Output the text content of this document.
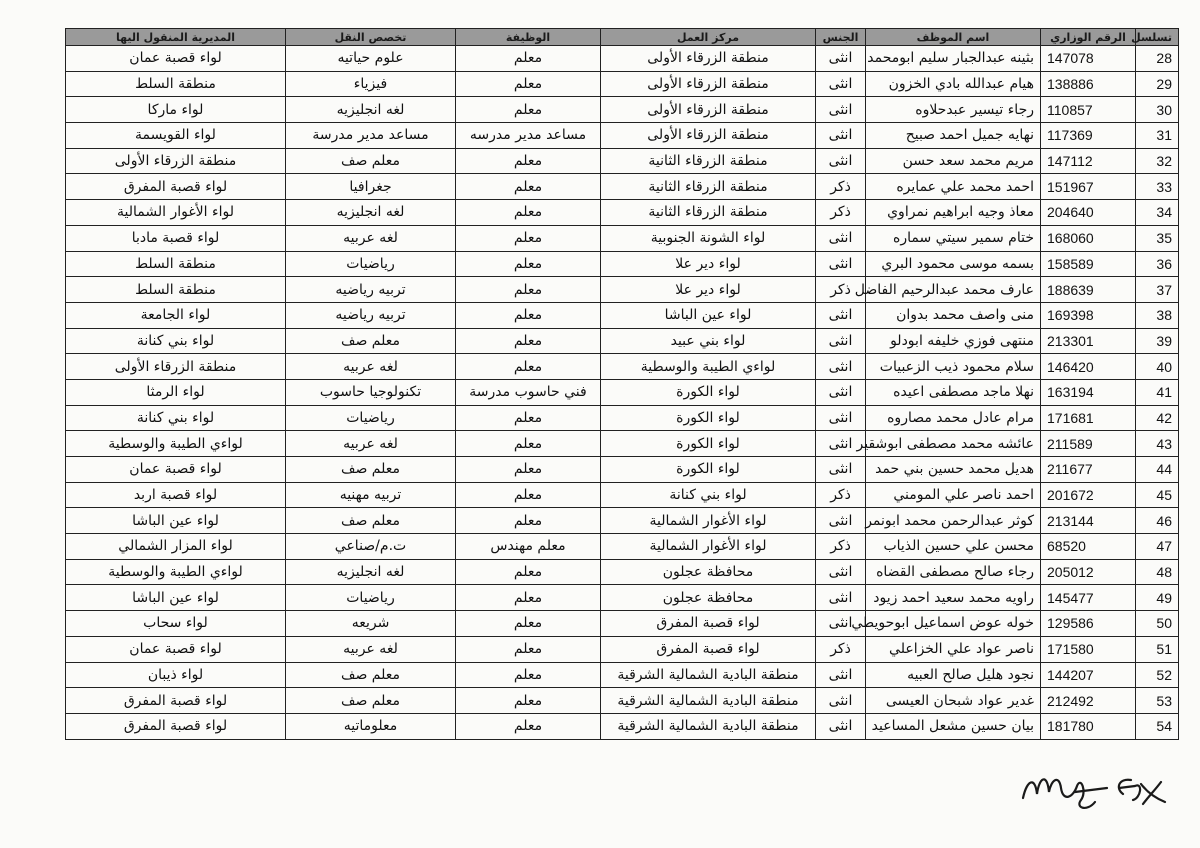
تسلسل	الرقم الوزاري	اسم الموظف	الجنس	مركز العمل	الوظيفة	تخصص النقل	المديرية المنقول اليها
28	147078	بثينه عبدالجبار سليم ابومحمد	انثى	منطقة الزرقاء الأولى	معلم	علوم حياتيه	لواء قصبة عمان
29	138886	هيام عبدالله بادي الخزون	انثى	منطقة الزرقاء الأولى	معلم	فيزياء	منطقة السلط
30	110857	رجاء تيسير عبدحلاوه	انثى	منطقة الزرقاء الأولى	معلم	لغه انجليزيه	لواء ماركا
31	117369	نهايه جميل احمد صبيح	انثى	منطقة الزرقاء الأولى	مساعد مدير مدرسه	مساعد مدير مدرسة	لواء القويسمة
32	147112	مريم محمد سعد حسن	انثى	منطقة الزرقاء الثانية	معلم	معلم صف	منطقة الزرقاء الأولى
33	151967	احمد محمد علي عمايره	ذكر	منطقة الزرقاء الثانية	معلم	جغرافيا	لواء قصبة المفرق
34	204640	معاذ وجيه ابراهيم نمراوي	ذكر	منطقة الزرقاء الثانية	معلم	لغه انجليزيه	لواء الأغوار الشمالية
35	168060	ختام سمير سيتي سماره	انثى	لواء الشونة الجنوبية	معلم	لغه عربيه	لواء قصبة مادبا
36	158589	بسمه موسى محمود البري	انثى	لواء دير علا	معلم	رياضيات	منطقة السلط
37	188639	عارف محمد عبدالرحيم الفاضل	ذكر	لواء دير علا	معلم	تربيه رياضيه	منطقة السلط
38	169398	منى واصف محمد بدوان	انثى	لواء عين الباشا	معلم	تربيه رياضيه	لواء الجامعة
39	213301	منتهى فوزي خليفه ابودلو	انثى	لواء بني عبيد	معلم	معلم صف	لواء بني كنانة
40	146420	سلام محمود ذيب الزعبيات	انثى	لواءي الطيبة والوسطية	معلم	لغه عربيه	منطقة الزرقاء الأولى
41	163194	نهلا ماجد مصطفى اعيده	انثى	لواء الكورة	فني حاسوب مدرسة	تكنولوجيا حاسوب	لواء الرمثا
42	171681	مرام عادل محمد مصاروه	انثى	لواء الكورة	معلم	رياضيات	لواء بني كنانة
43	211589	عائشه محمد مصطفى ابوشقير	انثى	لواء الكورة	معلم	لغه عربيه	لواءي الطيبة والوسطية
44	211677	هديل محمد حسين بني حمد	انثى	لواء الكورة	معلم	معلم صف	لواء قصبة عمان
45	201672	احمد ناصر علي المومني	ذكر	لواء بني كنانة	معلم	تربيه مهنيه	لواء قصبة اربد
46	213144	كوثر عبدالرحمن محمد ابونمر	انثى	لواء الأغوار الشمالية	معلم	معلم صف	لواء عين الباشا
47	68520	محسن علي حسين الذياب	ذكر	لواء الأغوار الشمالية	معلم مهندس	ت.م/صناعي	لواء المزار الشمالي
48	205012	رجاء صالح مصطفى القضاه	انثى	محافظة عجلون	معلم	لغه انجليزيه	لواءي الطيبة والوسطية
49	145477	راويه محمد سعيد احمد زيود	انثى	محافظة عجلون	معلم	رياضيات	لواء عين الباشا
50	129586	خوله عوض اسماعيل ابوحويطي	انثى	لواء قصبة المفرق	معلم	شريعه	لواء سحاب
51	171580	ناصر عواد علي الخزاعلي	ذكر	لواء قصبة المفرق	معلم	لغه عربيه	لواء قصبة عمان
52	144207	نجود هليل صالح العبيه	انثى	منطقة البادية الشمالية الشرقية	معلم	معلم صف	لواء ذيبان
53	212492	غدير عواد شبحان العيسى	انثى	منطقة البادية الشمالية الشرقية	معلم	معلم صف	لواء قصبة المفرق
54	181780	بيان حسين مشعل المساعيد	انثى	منطقة البادية الشمالية الشرقية	معلم	معلوماتيه	لواء قصبة المفرق
